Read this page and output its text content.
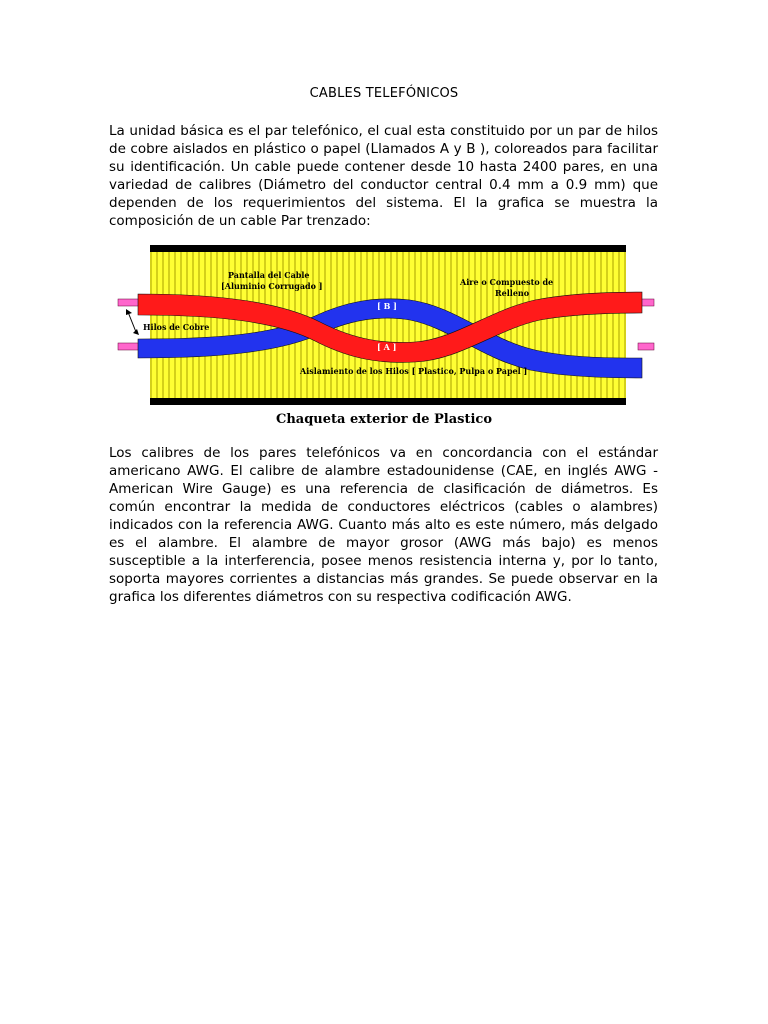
CABLES TELEFÓNICOS

La unidad básica es el par telefónico, el cual esta constituido por un par de hilos de cobre aislados en plástico o papel (Llamados A y B ), coloreados para facilitar su identificación. Un cable puede contener desde 10 hasta 2400 pares, en una variedad de calibres (Diámetro del conductor central 0.4 mm a 0.9 mm) que dependen de los requerimientos del sistema. El la grafica se muestra la composición de un cable Par trenzado:

Pantalla del Cable
[Aluminio Corrugado ]	Aire o Compuesto de
Relleno
[ B ]
[ A ]
Hilos de Cobre
Aislamiento de los Hilos [ Plastico, Pulpa o Papel ]
Chaqueta exterior de Plastico

Los calibres de los pares telefónicos va en concordancia con el estándar americano AWG. El calibre de alambre estadounidense (CAE, en inglés AWG - American Wire Gauge) es una referencia de clasificación de diámetros. Es común encontrar la medida de conductores eléctricos (cables o alambres) indicados con la referencia AWG. Cuanto más alto es este número, más delgado es el alambre. El alambre de mayor grosor (AWG más bajo) es menos susceptible a la interferencia, posee menos resistencia interna y, por lo tanto, soporta mayores corrientes a distancias más grandes. Se puede observar en la grafica los diferentes diámetros con su respectiva codificación AWG.
